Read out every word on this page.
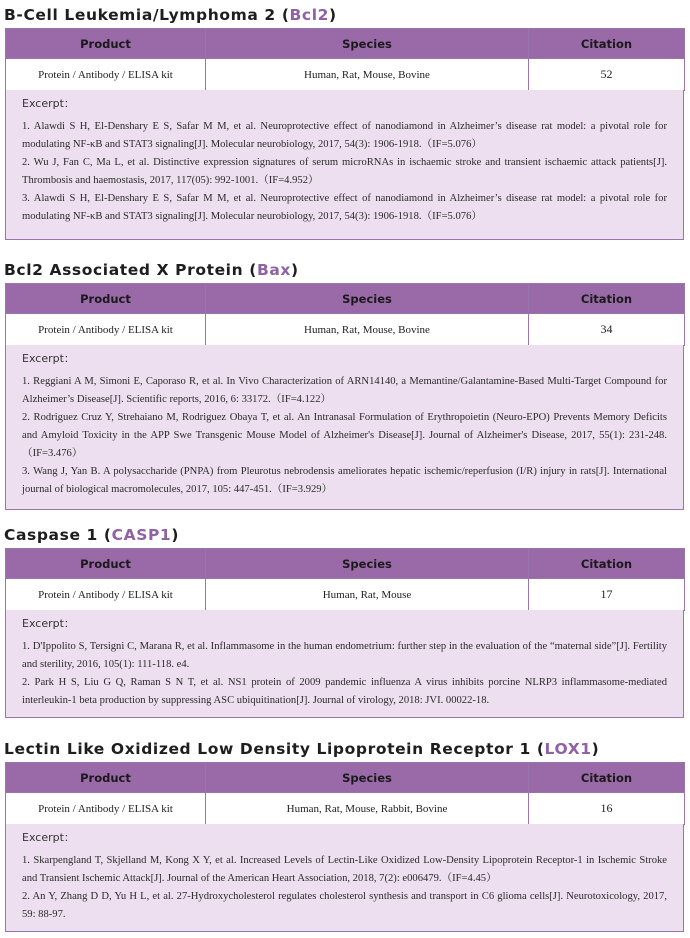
B-Cell Leukemia/Lymphoma 2 (Bcl2)
Product	Species	Citation
Protein / Antibody / ELISA kit	Human, Rat, Mouse, Bovine	52
Excerpt：
1. Alawdi S H, El-Denshary E S, Safar M M, et al. Neuroprotective effect of nanodiamond in Alzheimer’s disease rat model: a pivotal role for modulating NF-κB and STAT3 signaling[J]. Molecular neurobiology, 2017, 54(3): 1906-1918.（IF=5.076）
2. Wu J, Fan C, Ma L, et al. Distinctive expression signatures of serum microRNAs in ischaemic stroke and transient ischaemic attack patients[J]. Thrombosis and haemostasis, 2017, 117(05): 992-1001.（IF=4.952）
3. Alawdi S H, El-Denshary E S, Safar M M, et al. Neuroprotective effect of nanodiamond in Alzheimer’s disease rat model: a pivotal role for modulating NF-κB and STAT3 signaling[J]. Molecular neurobiology, 2017, 54(3): 1906-1918.（IF=5.076）
Bcl2 Associated X Protein (Bax)
Product	Species	Citation
Protein / Antibody / ELISA kit	Human, Rat, Mouse, Bovine	34
Excerpt：
1. Reggiani A M, Simoni E, Caporaso R, et al. In Vivo Characterization of ARN14140, a Memantine/Galantamine-Based Multi-Target Compound for Alzheimer’s Disease[J]. Scientific reports, 2016, 6: 33172.（IF=4.122）
2. Rodriguez Cruz Y, Strehaiano M, Rodriguez Obaya T, et al. An Intranasal Formulation of Erythropoietin (Neuro-EPO) Prevents Memory Deficits and Amyloid Toxicity in the APP Swe Transgenic Mouse Model of Alzheimer's Disease[J]. Journal of Alzheimer's Disease, 2017, 55(1): 231-248.（IF=3.476）
3. Wang J, Yan B. A polysaccharide (PNPA) from Pleurotus nebrodensis ameliorates hepatic ischemic/reperfusion (I/R) injury in rats[J]. International journal of biological macromolecules, 2017, 105: 447-451.（IF=3.929）
Caspase 1 (CASP1)
Product	Species	Citation
Protein / Antibody / ELISA kit	Human, Rat, Mouse	17
Excerpt：
1. D'Ippolito S, Tersigni C, Marana R, et al. Inflammasome in the human endometrium: further step in the evaluation of the “maternal side”[J]. Fertility and sterility, 2016, 105(1): 111-118. e4.
2. Park H S, Liu G Q, Raman S N T, et al. NS1 protein of 2009 pandemic influenza A virus inhibits porcine NLRP3 inflammasome-mediated interleukin-1 beta production by suppressing ASC ubiquitination[J]. Journal of virology, 2018: JVI. 00022-18.
Lectin Like Oxidized Low Density Lipoprotein Receptor 1 (LOX1)
Product	Species	Citation
Protein / Antibody / ELISA kit	Human, Rat, Mouse, Rabbit, Bovine	16
Excerpt：
1. Skarpengland T, Skjelland M, Kong X Y, et al. Increased Levels of Lectin-Like Oxidized Low-Density Lipoprotein Receptor-1 in Ischemic Stroke and Transient Ischemic Attack[J]. Journal of the American Heart Association, 2018, 7(2): e006479.（IF=4.45）
2. An Y, Zhang D D, Yu H L, et al. 27-Hydroxycholesterol regulates cholesterol synthesis and transport in C6 glioma cells[J]. Neurotoxicology, 2017, 59: 88-97.
